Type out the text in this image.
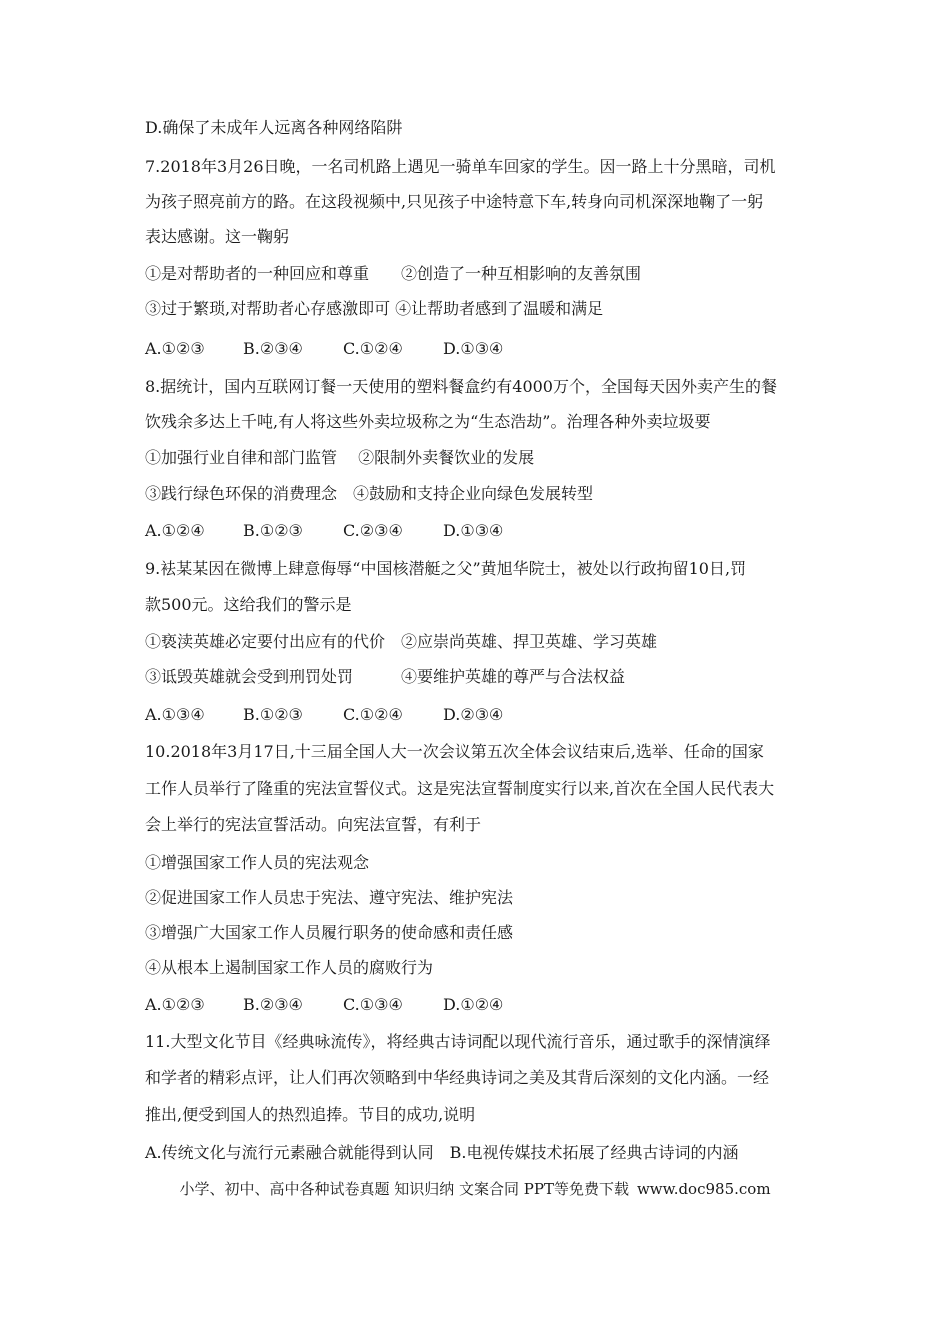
D.确保了未成年人远离各种网络陷阱
7.2018年3月26日晚，一名司机路上遇见一骑单车回家的学生。因一路上十分黑暗，司机
为孩子照亮前方的路。在这段视频中,只见孩子中途特意下车,转身向司机深深地鞠了一躬
表达感谢。这一鞠躬
①是对帮助者的一种回应和尊重　　②创造了一种互相影响的友善氛围
③过于繁琐,对帮助者心存感激即可 ④让帮助者感到了温暖和满足
A.①②③ B.②③④	C.①②④	D.①③④
8.据统计，国内互联网订餐一天使用的塑料餐盒约有4000万个，全国每天因外卖产生的餐
饮残余多达上千吨,有人将这些外卖垃圾称之为“生态浩劫”。治理各种外卖垃圾要
①加强行业自律和部门监管　 ②限制外卖餐饮业的发展
③践行绿色环保的消费理念　④鼓励和支持企业向绿色发展转型
A.①②④ B.①②③	C.②③④	D.①③④
9.袪某某因在微博上肆意侮辱“中国核潜艇之父”黄旭华院士，被处以行政拘留10日,罚
款500元。这给我们的警示是
①亵渎英雄必定要付出应有的代价　②应崇尚英雄、捍卫英雄、学习英雄
③诋毁英雄就会受到刑罚处罚　　　④要维护英雄的尊严与合法权益
A.①③④ B.①②③	C.①②④	D.②③④
10.2018年3月17日,十三届全国人大一次会议第五次全体会议结束后,选举、任命的国家
工作人员举行了隆重的宪法宣誓仪式。这是宪法宣誓制度实行以来,首次在全国人民代表大
会上举行的宪法宣誓活动。向宪法宣誓，有利于
①增强国家工作人员的宪法观念
②促进国家工作人员忠于宪法、遵守宪法、维护宪法
③增强广大国家工作人员履行职务的使命感和责任感
④从根本上遏制国家工作人员的腐败行为
A.①②③ B.②③④	C.①③④	D.①②④
11.大型文化节目《经典咏流传》，将经典古诗词配以现代流行音乐，通过歌手的深情演绎
和学者的精彩点评，让人们再次领略到中华经典诗词之美及其背后深刻的文化内涵。一经
推出,便受到国人的热烈追捧。节目的成功,说明
A.传统文化与流行元素融合就能得到认同　B.电视传媒技术拓展了经典古诗词的内涵
小学、初中、高中各种试卷真题 知识归纳 文案合同 PPT等免费下载 www.doc985.com
